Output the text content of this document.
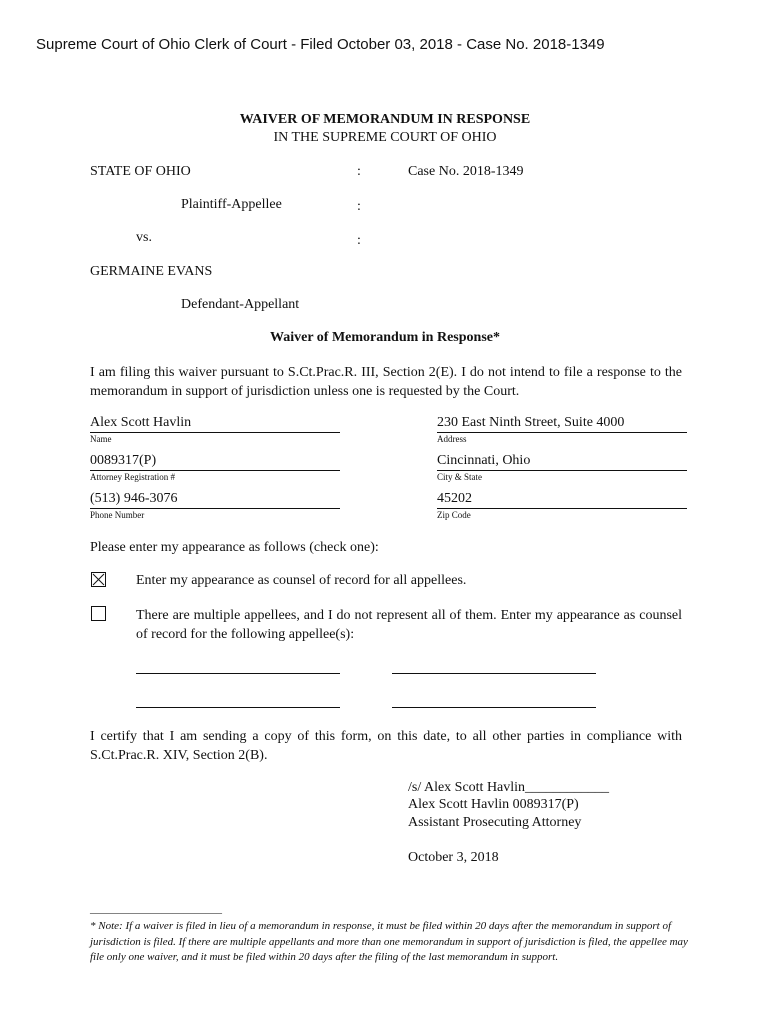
Supreme Court of Ohio Clerk of Court - Filed October 03, 2018 - Case No. 2018-1349
WAIVER OF MEMORANDUM IN RESPONSE
IN THE SUPREME COURT OF OHIO
STATE OF OHIO	:	Case No. 2018-1349
Plaintiff-Appellee	:
vs.	:
GERMAINE EVANS
Defendant-Appellant
Waiver of Memorandum in Response*
I am filing this waiver pursuant to S.Ct.Prac.R. III, Section 2(E). I do not intend to file a response to the memorandum in support of jurisdiction unless one is requested by the Court.
Alex Scott Havlin
Name
230 East Ninth Street, Suite 4000
Address
0089317(P)
Attorney Registration #
Cincinnati, Ohio
City & State
(513) 946-3076
Phone Number
45202
Zip Code
Please enter my appearance as follows (check one):
Enter my appearance as counsel of record for all appellees.
There are multiple appellees, and I do not represent all of them. Enter my appearance as counsel of record for the following appellee(s):
I certify that I am sending a copy of this form, on this date, to all other parties in compliance with S.Ct.Prac.R. XIV, Section 2(B).
/s/ Alex Scott Havlin____________
Alex Scott Havlin 0089317(P)
Assistant Prosecuting Attorney
October 3, 2018
________________________
* Note: If a waiver is filed in lieu of a memorandum in response, it must be filed within 20 days after the memorandum in support of jurisdiction is filed. If there are multiple appellants and more than one memorandum in support of jurisdiction is filed, the appellee may file only one waiver, and it must be filed within 20 days after the filing of the last memorandum in support.
